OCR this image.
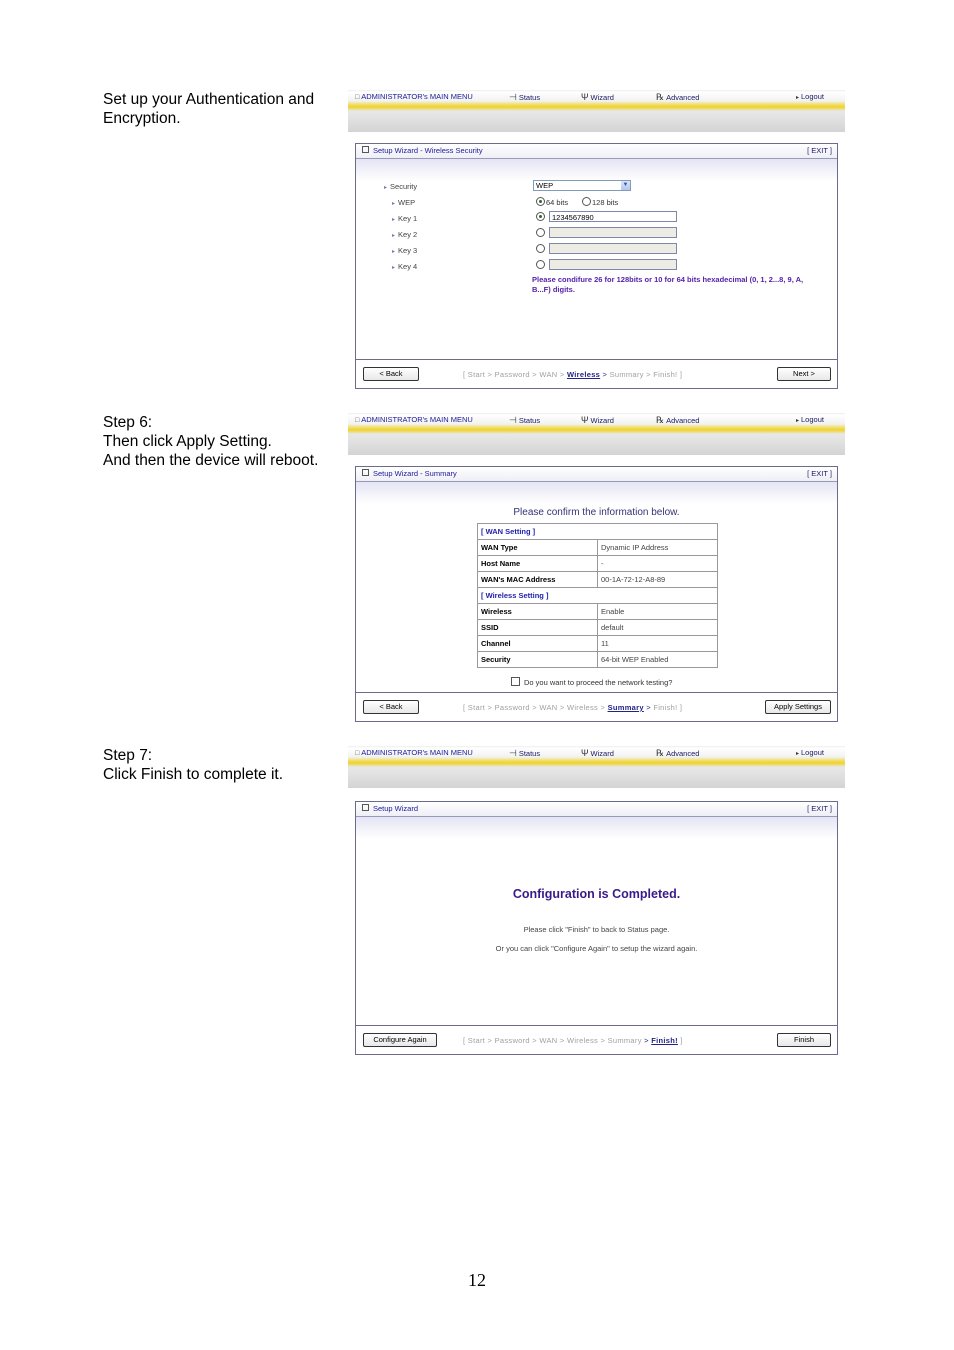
Set up your Authentication and
Encryption.
□ ADMINISTRATOR's MAIN MENU	⊣ Status	Ψ Wizard	℞ Advanced	▸ Logout
Setup Wizard - Wireless Security	[ EXIT ]
▸ Security	WEP	▼
▸ WEP	64 bits	128 bits
▸ Key 1	1234567890
▸ Key 2
▸ Key 3
▸ Key 4
Please condifure 26 for 128bits or 10 for 64 bits hexadecimal (0, 1, 2...8, 9, A, B...F) digits.
< Back	[ Start > Password > WAN > Wireless > Summary > Finish! ]	Next >
Step 6:
Then click Apply Setting.
And then the device will reboot.
□ ADMINISTRATOR's MAIN MENU	⊣ Status	Ψ Wizard	℞ Advanced	▸ Logout
Setup Wizard - Summary	[ EXIT ]
Please confirm the information below.
[ WAN Setting ]	
WAN Type	Dynamic IP Address
Host Name	-
WAN's MAC Address	00-1A-72-12-A8-89
[ Wireless Setting ]	
Wireless	Enable
SSID	default
Channel	11
Security	64-bit WEP Enabled
Do you want to proceed the network testing?
< Back	[ Start > Password > WAN > Wireless > Summary > Finish! ]	Apply Settings
Step 7:
Click Finish to complete it.
□ ADMINISTRATOR's MAIN MENU	⊣ Status	Ψ Wizard	℞ Advanced	▸ Logout
Setup Wizard	[ EXIT ]
Configuration is Completed.
Please click "Finish" to back to Status page.
Or you can click "Configure Again" to setup the wizard again.
Configure Again	[ Start > Password > WAN > Wireless > Summary > Finish! ]	Finish
12
